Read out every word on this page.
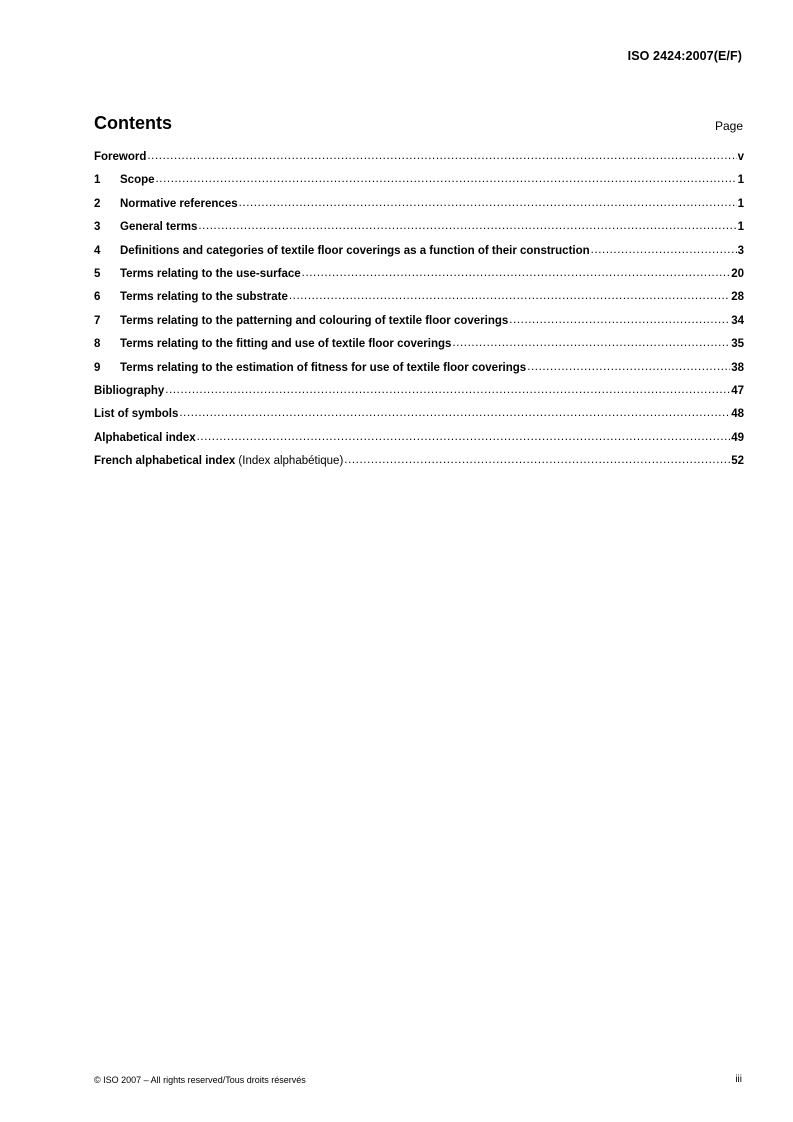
ISO 2424:2007(E/F)
Contents	Page
Foreword .....	v
1	Scope .....	1
2	Normative references .....	1
3	General terms .....	1
4	Definitions and categories of textile floor coverings as a function of their construction .....	3
5	Terms relating to the use-surface .....	20
6	Terms relating to the substrate .....	28
7	Terms relating to the patterning and colouring of textile floor coverings .....	34
8	Terms relating to the fitting and use of textile floor coverings .....	35
9	Terms relating to the estimation of fitness for use of textile floor coverings .....	38
Bibliography .....	47
List of symbols .....	48
Alphabetical index .....	49
French alphabetical index (Index alphabétique) .....	52
© ISO 2007 – All rights reserved/Tous droits réservés	iii
